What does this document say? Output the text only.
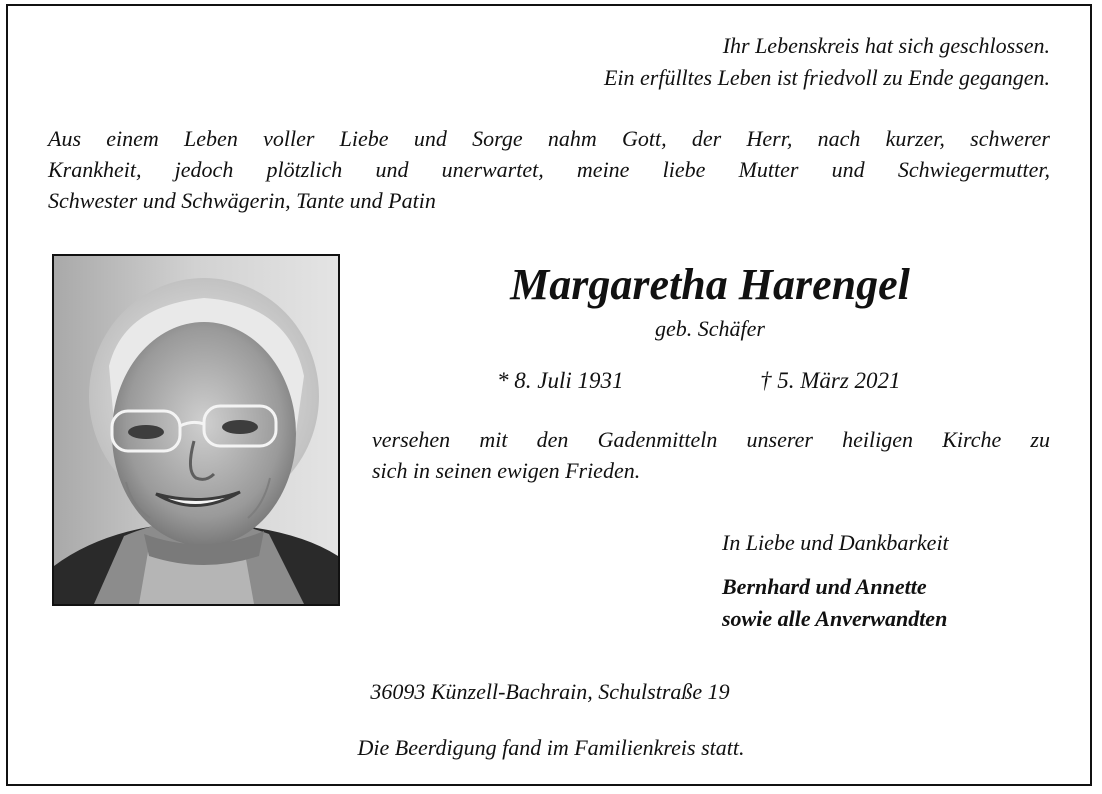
Ihr Lebenskreis hat sich geschlossen.
Ein erfülltes Leben ist friedvoll zu Ende gegangen.
Aus einem Leben voller Liebe und Sorge nahm Gott, der Herr, nach kurzer, schwerer
Krankheit, jedoch plötzlich und unerwartet, meine liebe Mutter und Schwiegermutter,
Schwester und Schwägerin, Tante und Patin
Margaretha Harengel
geb. Schäfer
* 8. Juli 1931	† 5. März 2021
versehen mit den Gadenmitteln unserer heiligen Kirche zu
sich in seinen ewigen Frieden.
In Liebe und Dankbarkeit
Bernhard und Annette
sowie alle Anverwandten
36093 Künzell-Bachrain, Schulstraße 19
Die Beerdigung fand im Familienkreis statt.
